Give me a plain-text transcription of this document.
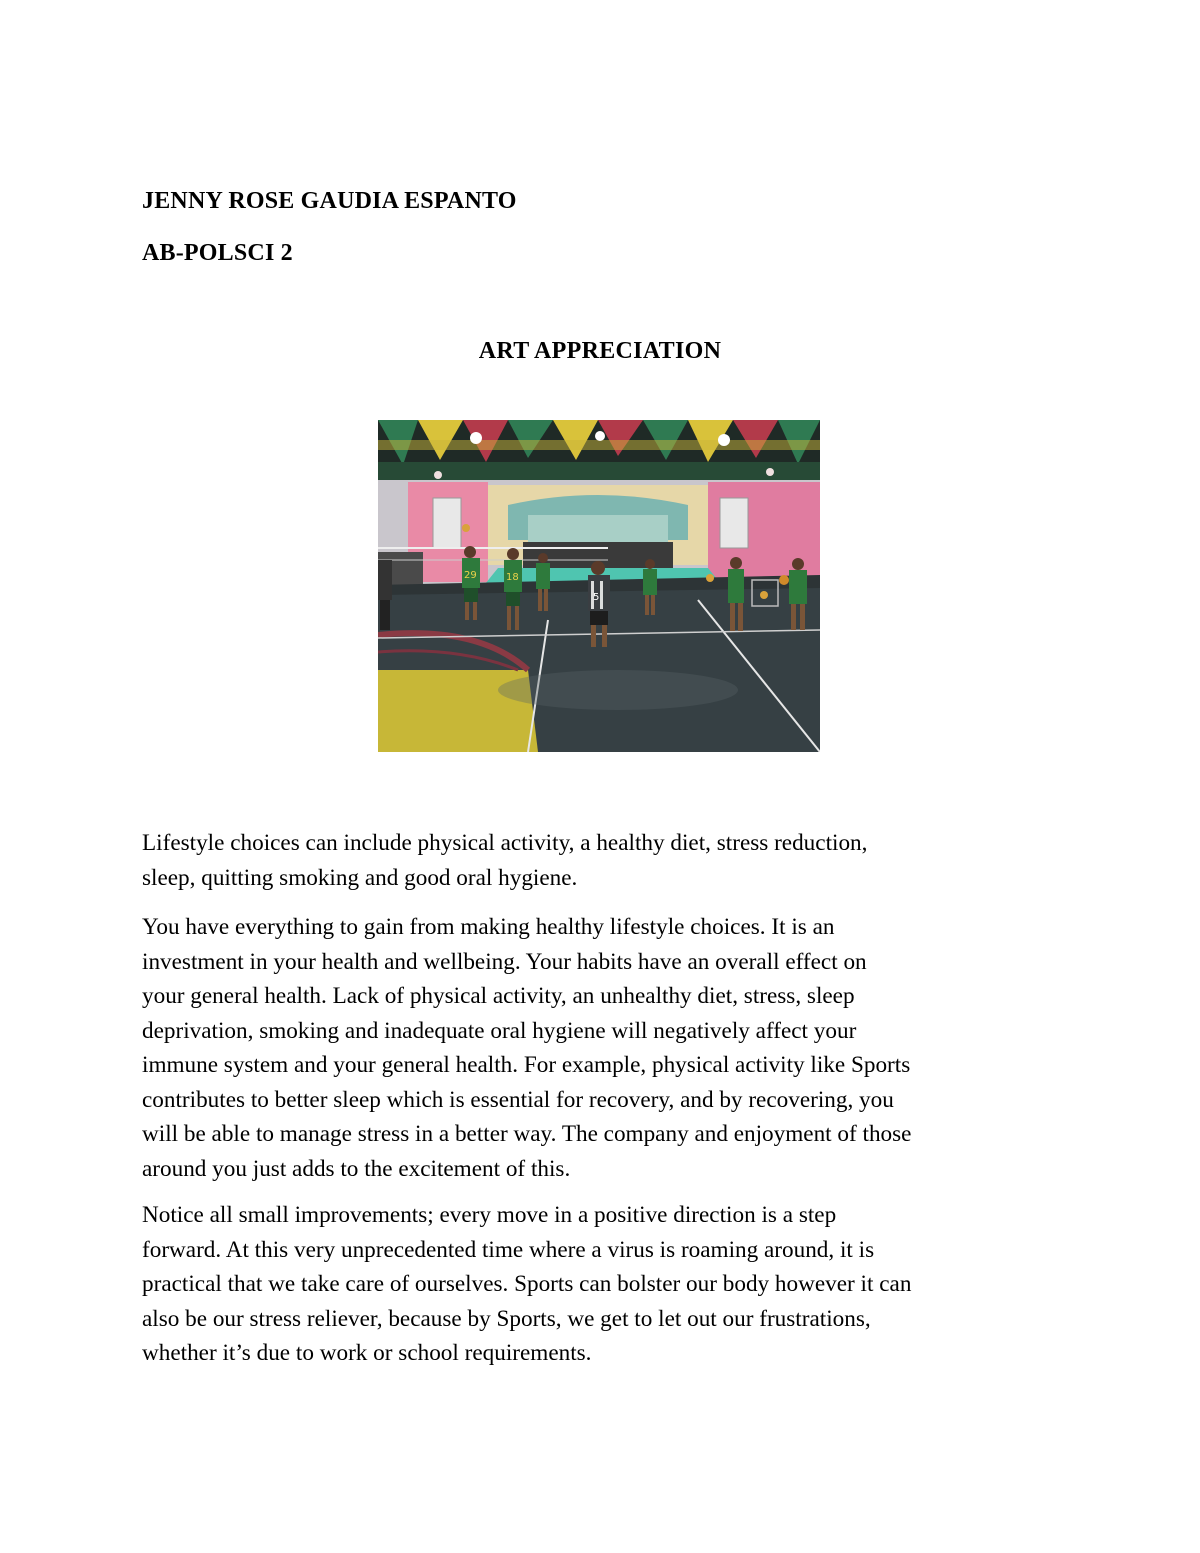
JENNY ROSE GAUDIA ESPANTO
AB-POLSCI 2
ART APPRECIATION
29	18
5

Lifestyle choices can include physical activity, a healthy diet, stress reduction,
sleep, quitting smoking and good oral hygiene.

You have everything to gain from making healthy lifestyle choices. It is an
investment in your health and wellbeing. Your habits have an overall effect on
your general health. Lack of physical activity, an unhealthy diet, stress, sleep
deprivation, smoking and inadequate oral hygiene will negatively affect your
immune system and your general health. For example, physical activity like Sports
contributes to better sleep which is essential for recovery, and by recovering, you
will be able to manage stress in a better way. The company and enjoyment of those
around you just adds to the excitement of this.

Notice all small improvements; every move in a positive direction is a step
forward. At this very unprecedented time where a virus is roaming around, it is
practical that we take care of ourselves. Sports can bolster our body however it can
also be our stress reliever, because by Sports, we get to let out our frustrations,
whether it’s due to work or school requirements.
